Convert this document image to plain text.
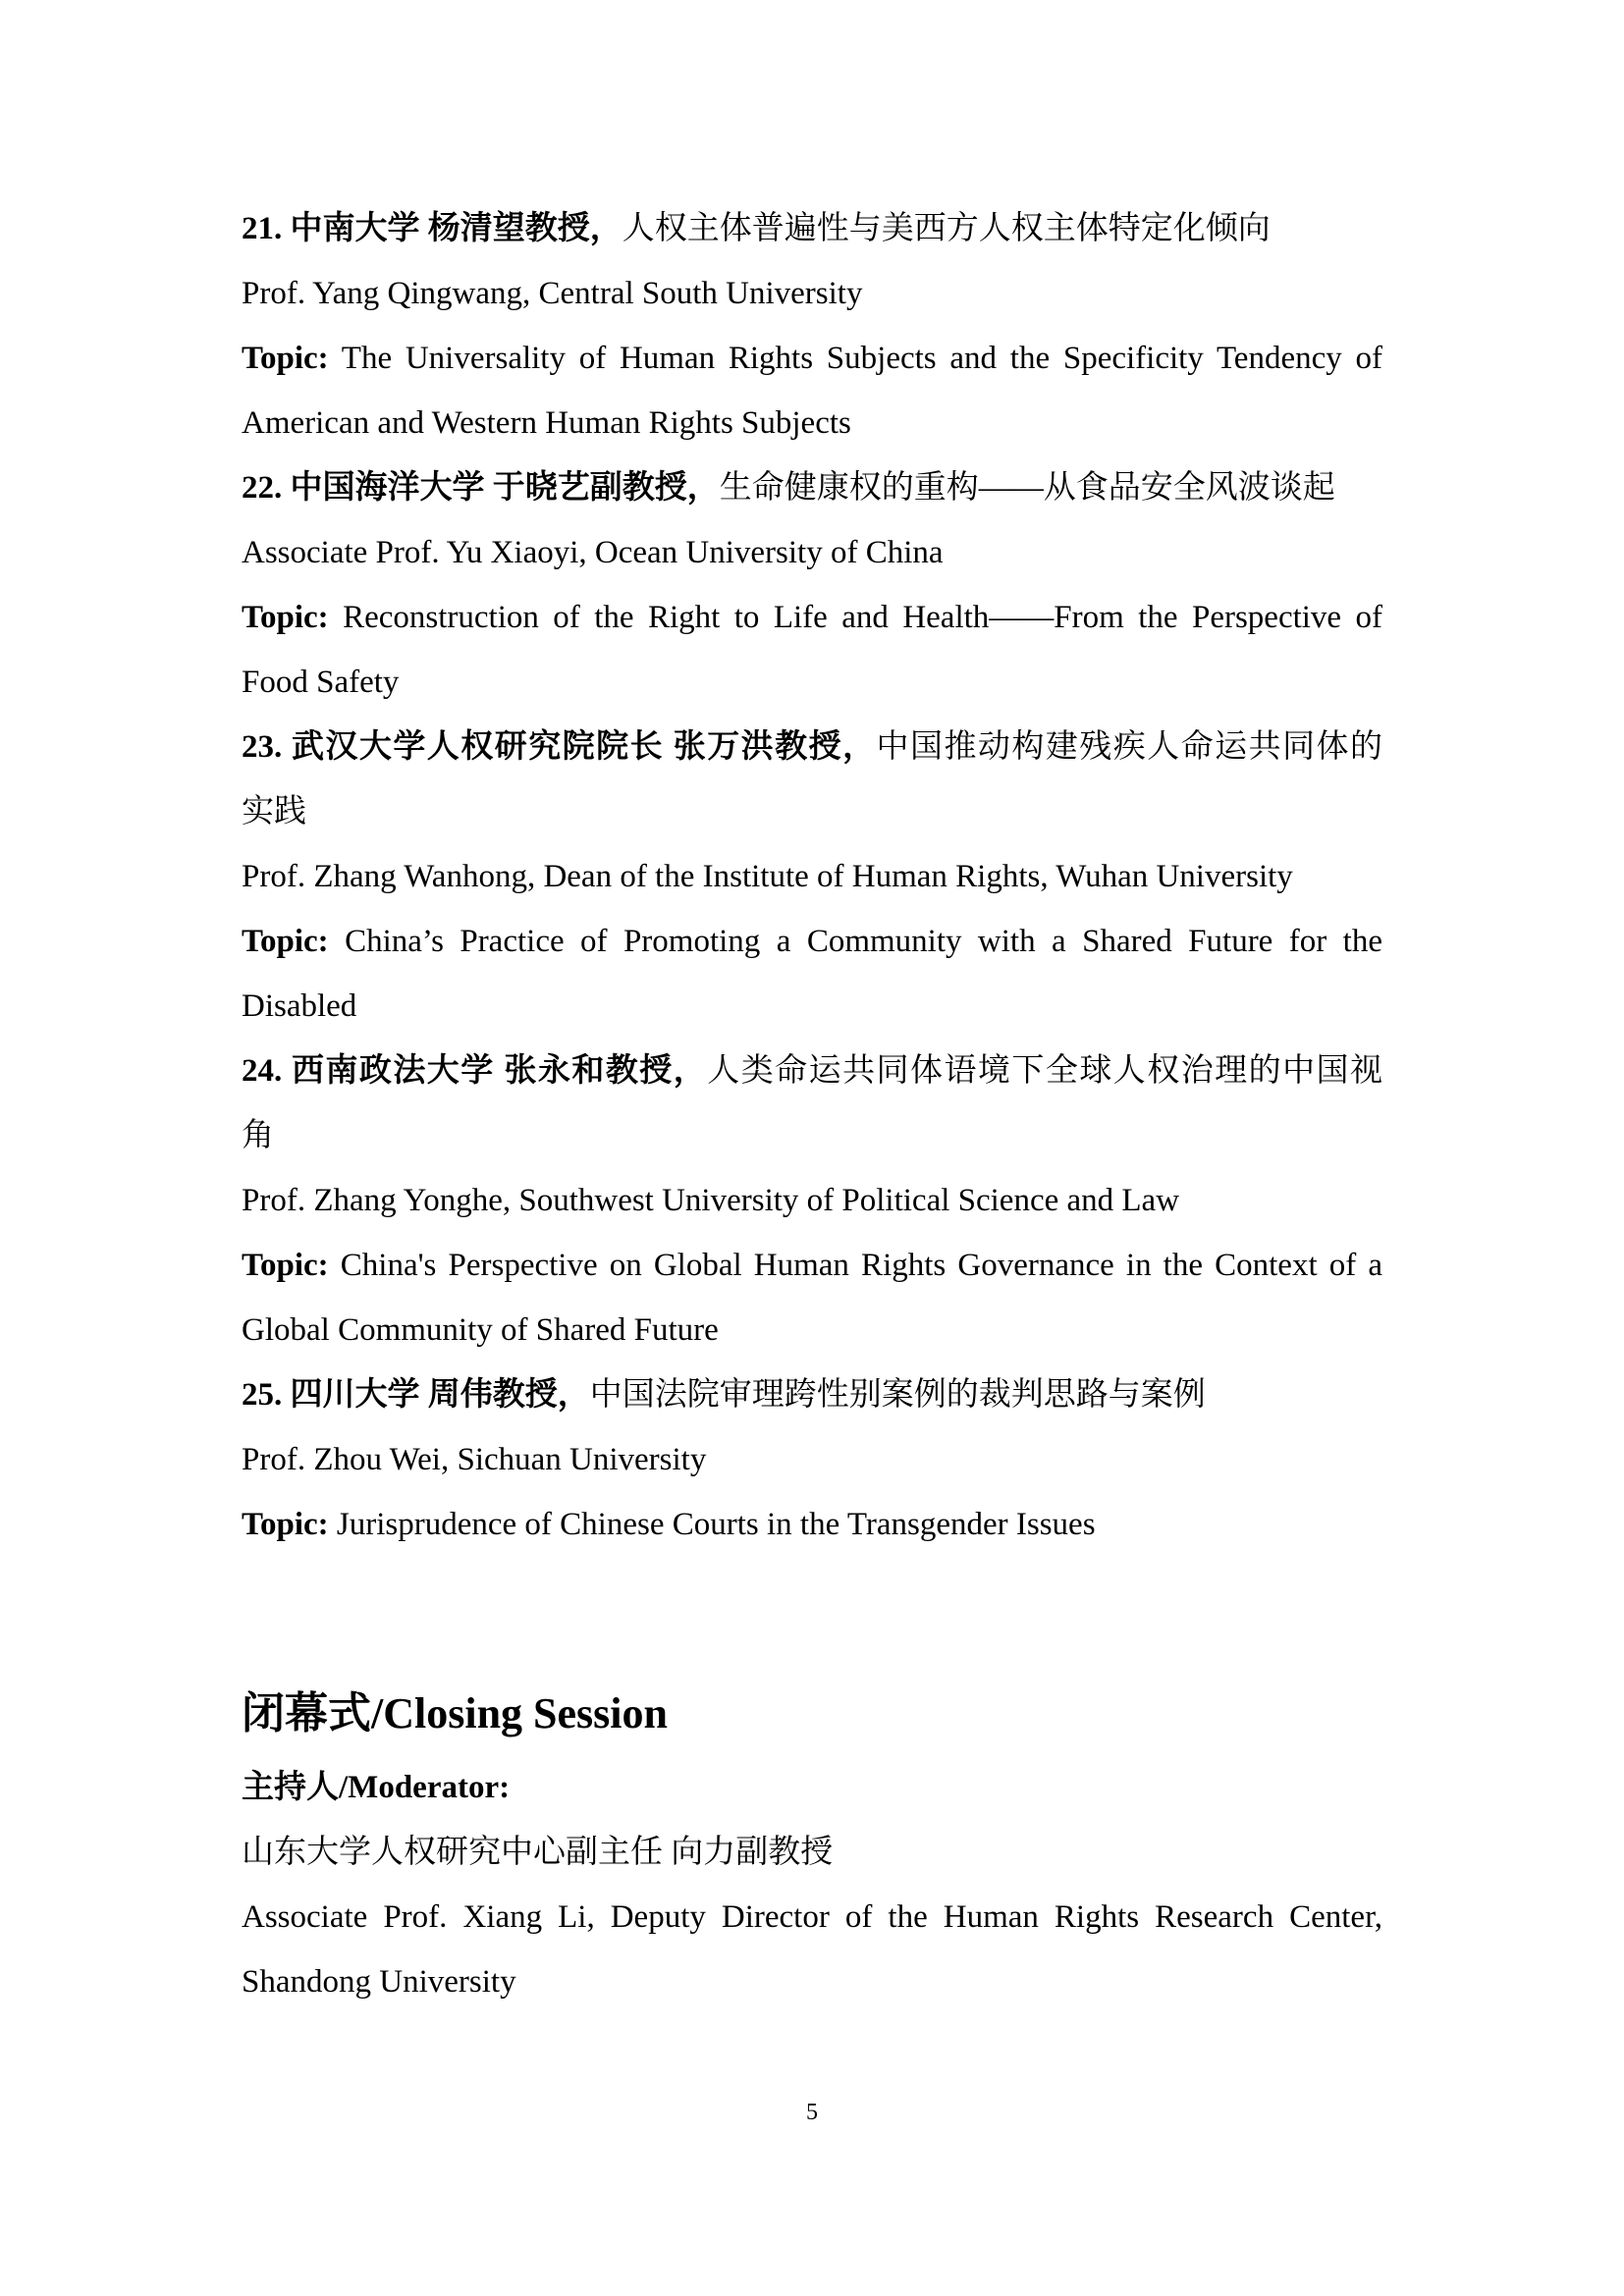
21. 中南大学 杨清望教授，人权主体普遍性与美西方人权主体特定化倾向
Prof. Yang Qingwang, Central South University
Topic: The Universality of Human Rights Subjects and the Specificity Tendency of
American and Western Human Rights Subjects
22. 中国海洋大学 于晓艺副教授，生命健康权的重构——从食品安全风波谈起
Associate Prof. Yu Xiaoyi, Ocean University of China
Topic: Reconstruction of the Right to Life and Health——From the Perspective of
Food Safety
23. 武汉大学人权研究院院长 张万洪教授，中国推动构建残疾人命运共同体的
实践
Prof. Zhang Wanhong, Dean of the Institute of Human Rights, Wuhan University
Topic: China’s Practice of Promoting a Community with a Shared Future for the
Disabled
24. 西南政法大学 张永和教授，人类命运共同体语境下全球人权治理的中国视
角
Prof. Zhang Yonghe, Southwest University of Political Science and Law
Topic: China's Perspective on Global Human Rights Governance in the Context of a
Global Community of Shared Future
25. 四川大学 周伟教授，中国法院审理跨性别案例的裁判思路与案例
Prof. Zhou Wei, Sichuan University
Topic: Jurisprudence of Chinese Courts in the Transgender Issues
闭幕式/Closing Session
主持人/Moderator:
山东大学人权研究中心副主任 向力副教授
Associate Prof. Xiang Li, Deputy Director of the Human Rights Research Center,
Shandong University
5
